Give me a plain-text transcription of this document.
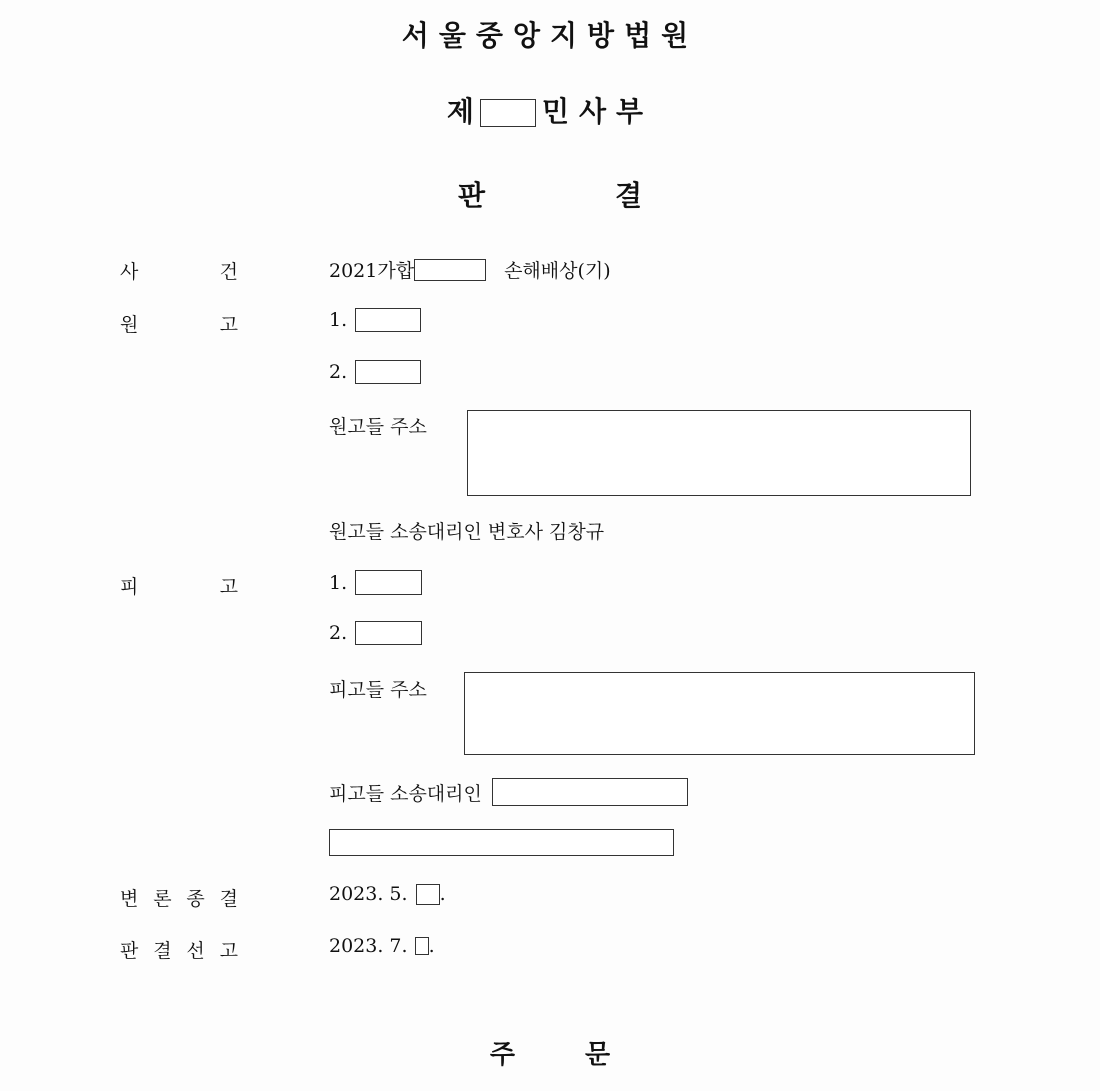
서울중앙지방법원
제 민사부
판	결
사	건	2021가합	손해배상(기)
원	고	1.
2.
원고들 주소
원고들 소송대리인 변호사 김창규
피	고	1.
2.
피고들 주소
피고들 소송대리인
변 론 종 결	2023. 5. .
판 결 선 고	2023. 7. .
주	문
